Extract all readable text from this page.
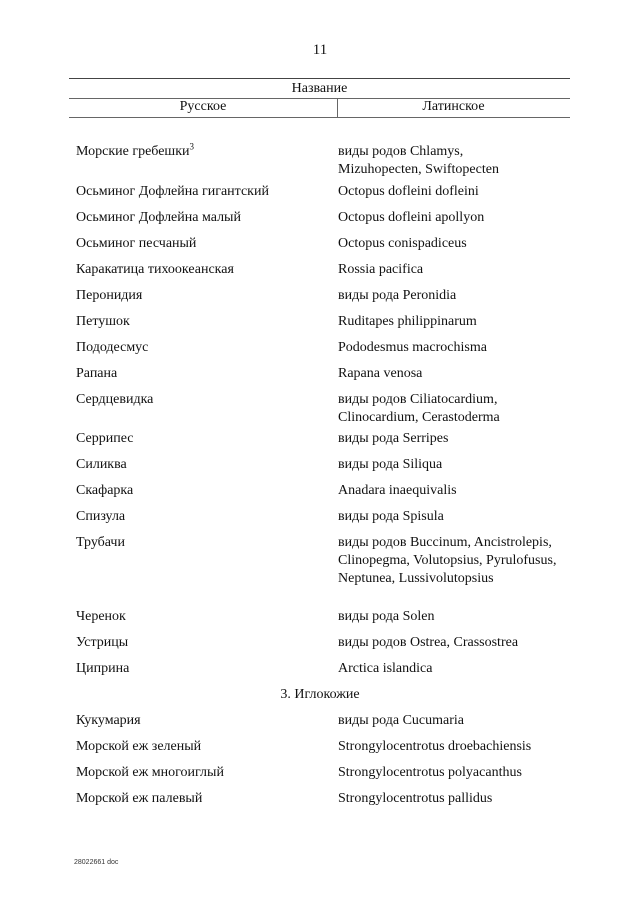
11
Название
Русское	Латинское
Морские гребешки$^3$	виды родов Chlamys, Mizuhopecten, Swiftopecten
Осьминог Дофлейна гигантский	Octopus dofleini dofleini
Осьминог Дофлейна малый	Octopus dofleini apollyon
Осьминог песчаный	Octopus conispadiceus
Каракатица тихоокеанская	Rossia pacifica
Перонидия	виды рода Peronidia
Петушок	Ruditapes philippinarum
Пододесмус	Pododesmus macrochisma
Рапана	Rapana venosa
Сердцевидка	виды родов Ciliatocardium, Clinocardium, Cerastoderma
Серрипес	виды рода Serripes
Силиква	виды рода Siliqua
Скафарка	Anadara inaequivalis
Спизула	виды рода Spisula
Трубачи	виды родов Buccinum, Ancistrolepis, Clinopegma, Volutopsius, Pyrulofusus, Neptunea, Lussivolutopsius
Черенок	виды рода Solen
Устрицы	виды родов Ostrea, Crassostrea
Циприна	Arctica islandica
3. Иглокожие
Кукумария	виды рода Cucumaria
Морской еж зеленый	Strongylocentrotus droebachiensis
Морской еж многоиглый	Strongylocentrotus polyacanthus
Морской еж палевый	Strongylocentrotus pallidus
28022661 doc
